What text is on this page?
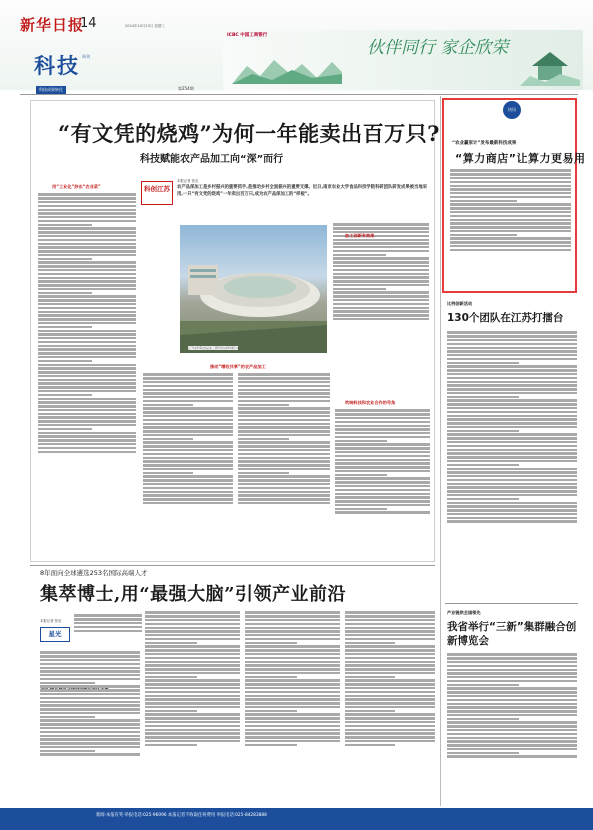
新华日报
14	2024年10月23日 星期三
科技 周刊
科技成果转化	第254期
ICBC 中国工商银行
伙伴同行 家企欣荣
“有文凭的烧鸡”为何一年能卖出百万只?
科技赋能农产品加工向“深”而行
科创江苏	农产品深加工是乡村振兴的重要抓手,是推动乡村全面振兴的重要支撑。近日,南京农业大学食品科技学院科研团队研发成果被当地采用,一只“有文凭的烧鸡”一年卖出百万只,成为农产品深加工的“样板”。
本报记者 张宣
用“工业化”炒出“农业菜”
江苏农科院食品加工研究所(资料照片)
推动“增收共享”的农产品加工
加工创新有效果
吹响科技和农业合作的号角
快讯
“农业赢家计”发布最新科技成果
“算力商店”让算力更易用
比例创新活动
130个团队在江苏打擂台
8年面向全球遴选253名国际高端人才
集萃博士,用“最强大脑”引领产业前沿
星光
本报记者 张宣
产业链供全国领先
我省举行“三新”集群融合创新博览会
新闻·本报有奖·举报电话:025-96096 本报记者不收取任何费用 举报电话:025-84283888
